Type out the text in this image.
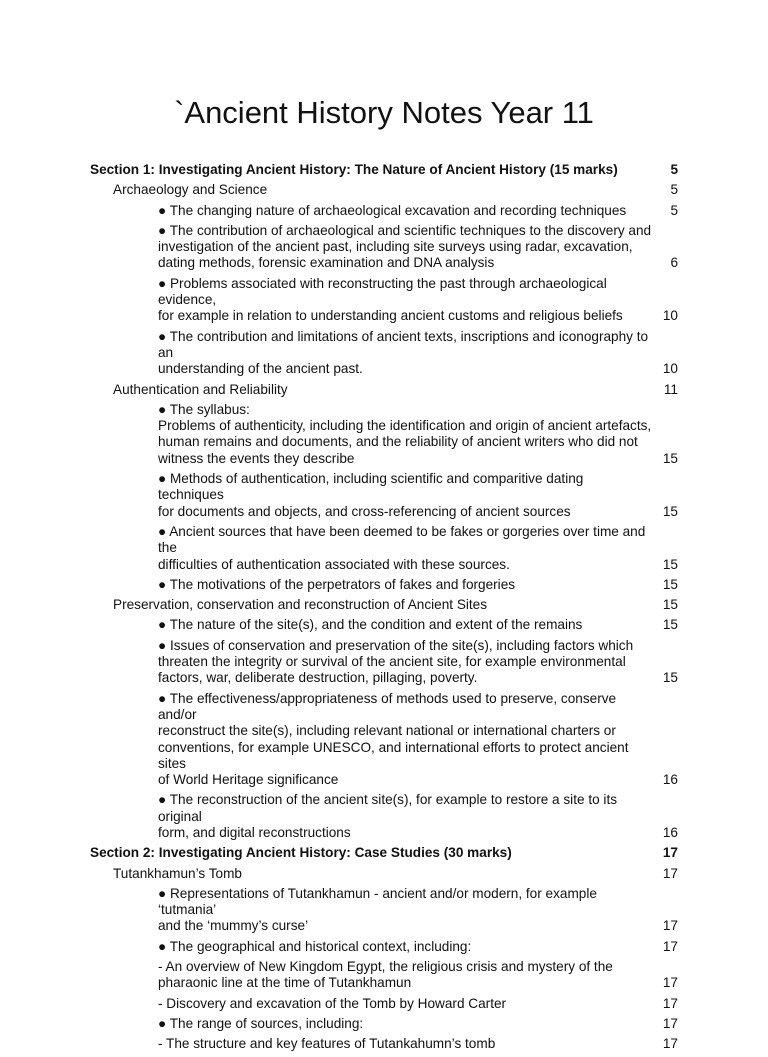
`Ancient History Notes Year 11
Section 1: Investigating Ancient History: The Nature of Ancient History (15 marks)	5
Archaeology and Science	5
● The changing nature of archaeological excavation and recording techniques	5
● The contribution of archaeological and scientific techniques to the discovery and
investigation of the ancient past, including site surveys using radar, excavation,
dating methods, forensic examination and DNA analysis	6
● Problems associated with reconstructing the past through archaeological evidence,
for example in relation to understanding ancient customs and religious beliefs	10
● The contribution and limitations of ancient texts, inscriptions and iconography to an
understanding of the ancient past.	10
Authentication and Reliability	11
● The syllabus:
Problems of authenticity, including the identification and origin of ancient artefacts,
human remains and documents, and the reliability of ancient writers who did not
witness the events they describe	15
● Methods of authentication, including scientific and comparitive dating techniques
for documents and objects, and cross-referencing of ancient sources	15
● Ancient sources that have been deemed to be fakes or gorgeries over time and the
difficulties of authentication associated with these sources.	15
● The motivations of the perpetrators of fakes and forgeries	15
Preservation, conservation and reconstruction of Ancient Sites	15
● The nature of the site(s), and the condition and extent of the remains	15
● Issues of conservation and preservation of the site(s), including factors which
threaten the integrity or survival of the ancient site, for example environmental
factors, war, deliberate destruction, pillaging, poverty.	15
● The effectiveness/appropriateness of methods used to preserve, conserve and/or
reconstruct the site(s), including relevant national or international charters or
conventions, for example UNESCO, and international efforts to protect ancient sites
of World Heritage significance	16
● The reconstruction of the ancient site(s), for example to restore a site to its original
form, and digital reconstructions	16
Section 2: Investigating Ancient History: Case Studies (30 marks)	17
Tutankhamun’s Tomb	17
● Representations of Tutankhamun - ancient and/or modern, for example ‘tutmania’
and the ‘mummy’s curse’	17
● The geographical and historical context, including:	17
- An overview of New Kingdom Egypt, the religious crisis and mystery of the
pharaonic line at the time of Tutankhamun	17
- Discovery and excavation of the Tomb by Howard Carter	17
● The range of sources, including:	17
- The structure and key features of Tutankahumn’s tomb	17
